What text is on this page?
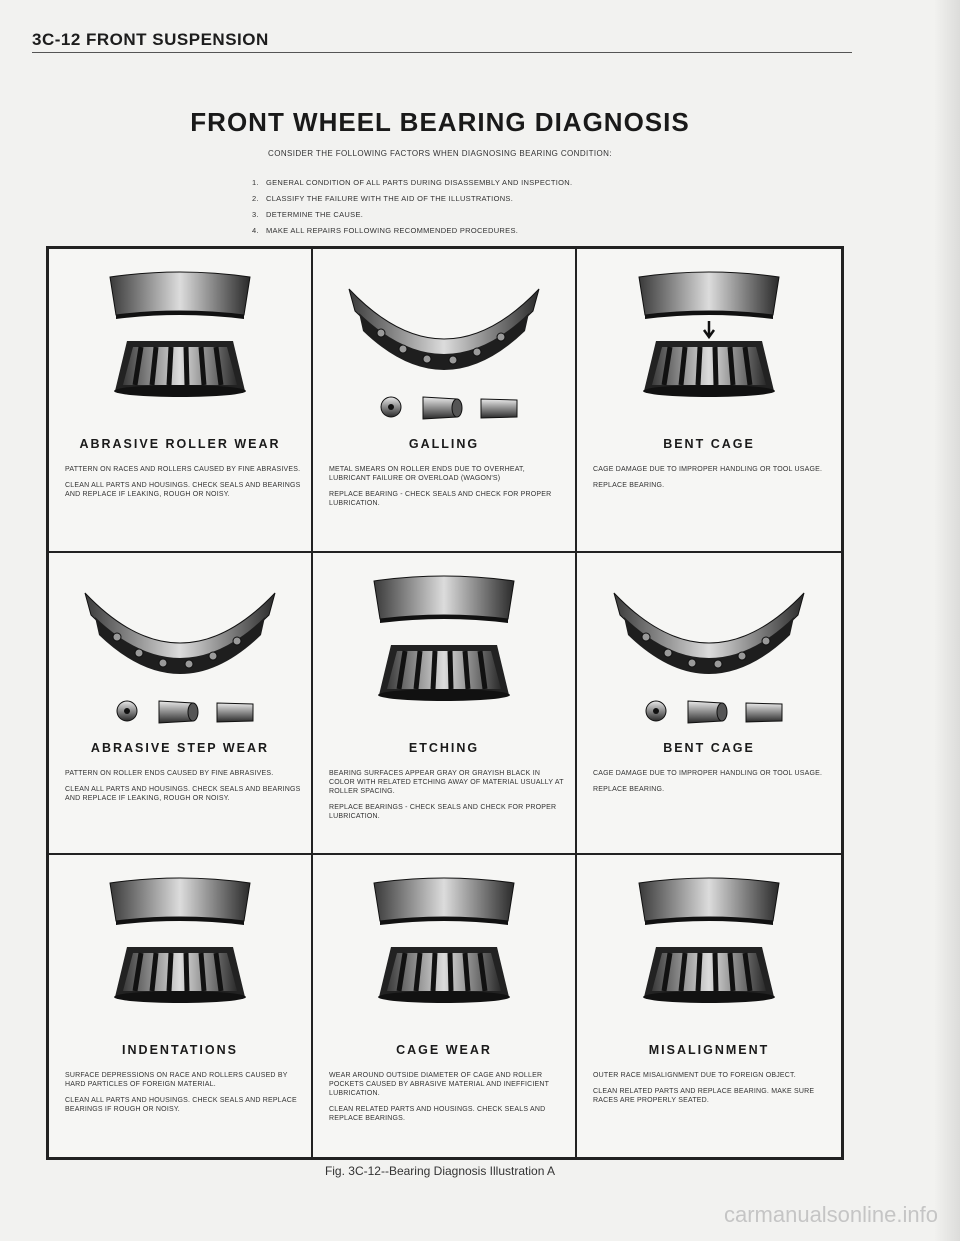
3C-12 FRONT SUSPENSION
FRONT WHEEL BEARING DIAGNOSIS
CONSIDER THE FOLLOWING FACTORS WHEN DIAGNOSING BEARING CONDITION:
1. GENERAL CONDITION OF ALL PARTS DURING DISASSEMBLY AND INSPECTION.
2. CLASSIFY THE FAILURE WITH THE AID OF THE ILLUSTRATIONS.
3. DETERMINE THE CAUSE.
4. MAKE ALL REPAIRS FOLLOWING RECOMMENDED PROCEDURES.
ABRASIVE ROLLER WEAR

PATTERN ON RACES AND ROLLERS CAUSED BY FINE ABRASIVES.

CLEAN ALL PARTS AND HOUSINGS. CHECK SEALS AND BEARINGS AND REPLACE IF LEAKING, ROUGH OR NOISY.

GALLING

METAL SMEARS ON ROLLER ENDS DUE TO OVERHEAT, LUBRICANT FAILURE OR OVERLOAD (WAGON'S)

REPLACE BEARING - CHECK SEALS AND CHECK FOR PROPER LUBRICATION.

BENT CAGE

CAGE DAMAGE DUE TO IMPROPER HANDLING OR TOOL USAGE.

REPLACE BEARING.

ABRASIVE STEP WEAR

PATTERN ON ROLLER ENDS CAUSED BY FINE ABRASIVES.

CLEAN ALL PARTS AND HOUSINGS. CHECK SEALS AND BEARINGS AND REPLACE IF LEAKING, ROUGH OR NOISY.

ETCHING

BEARING SURFACES APPEAR GRAY OR GRAYISH BLACK IN COLOR WITH RELATED ETCHING AWAY OF MATERIAL USUALLY AT ROLLER SPACING.

REPLACE BEARINGS - CHECK SEALS AND CHECK FOR PROPER LUBRICATION.

BENT CAGE

CAGE DAMAGE DUE TO IMPROPER HANDLING OR TOOL USAGE.

REPLACE BEARING.

INDENTATIONS

SURFACE DEPRESSIONS ON RACE AND ROLLERS CAUSED BY HARD PARTICLES OF FOREIGN MATERIAL.

CLEAN ALL PARTS AND HOUSINGS. CHECK SEALS AND REPLACE BEARINGS IF ROUGH OR NOISY.

CAGE WEAR

WEAR AROUND OUTSIDE DIAMETER OF CAGE AND ROLLER POCKETS CAUSED BY ABRASIVE MATERIAL AND INEFFICIENT LUBRICATION.

CLEAN RELATED PARTS AND HOUSINGS. CHECK SEALS AND REPLACE BEARINGS.

MISALIGNMENT

OUTER RACE MISALIGNMENT DUE TO FOREIGN OBJECT.

CLEAN RELATED PARTS AND REPLACE BEARING. MAKE SURE RACES ARE PROPERLY SEATED.

Fig. 3C-12--Bearing Diagnosis Illustration A
carmanualsonline.info
